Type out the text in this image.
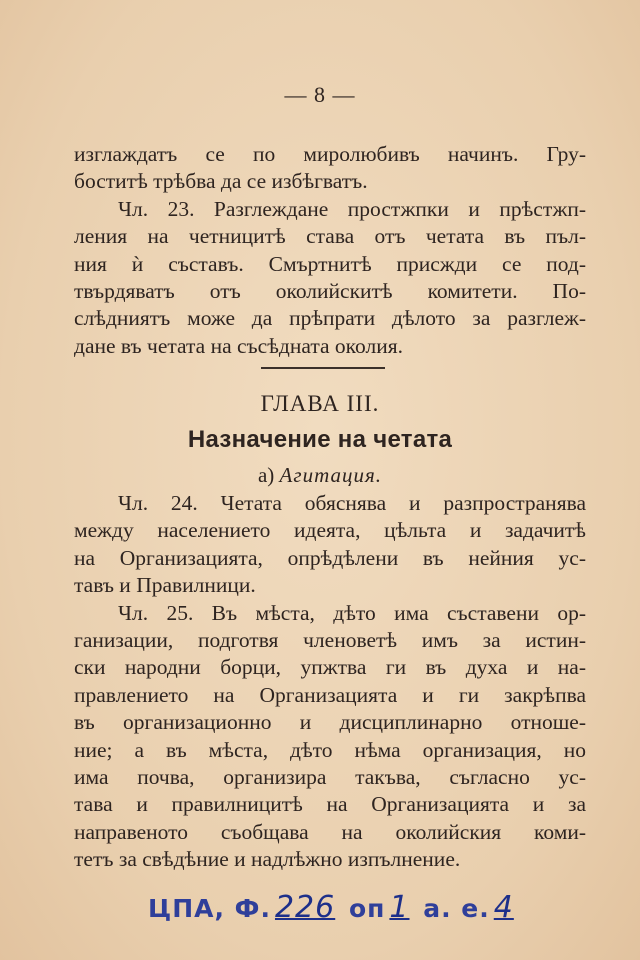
— 8 —
изглаждатъ се по миролюбивъ начинъ. Гру-
боститѣ трѣбва да се избѣгватъ.
Чл. 23. Разглеждане простжпки и прѣстжп-
ления на четницитѣ става отъ четата въ пъл-
ния ѝ съставъ. Смъртнитѣ присжди се под-
твърдяватъ отъ околийскитѣ комитети. По-
слѣдниятъ може да прѣпрати дѣлото за разглеж-
дане въ четата на съсѣдната околия.
ГЛАВА III.
Назначение на четата
а) Агитация.
Чл. 24. Четата обяснява и разпространява
между населението идеята, цѣльта и задачитѣ
на Организацията, опрѣдѣлени въ нейния ус-
тавъ и Правилници.
Чл. 25. Въ мѣста, дѣто има съставени ор-
ганизации, подготвя членоветѣ имъ за истин-
ски народни борци, упжтва ги въ духа и на-
правлението на Организацията и ги закрѣпва
въ организационно и дисциплинарно отноше-
ние; а въ мѣста, дѣто нѣма организация, но
има почва, организира такъва, съгласно ус-
тава и правилницитѣ на Организацията и за
направеното съобщава на околийския коми-
тетъ за свѣдѣние и надлѣжно изпълнение.
ЦПА, Ф. 226 оп 1 а. е. 4
